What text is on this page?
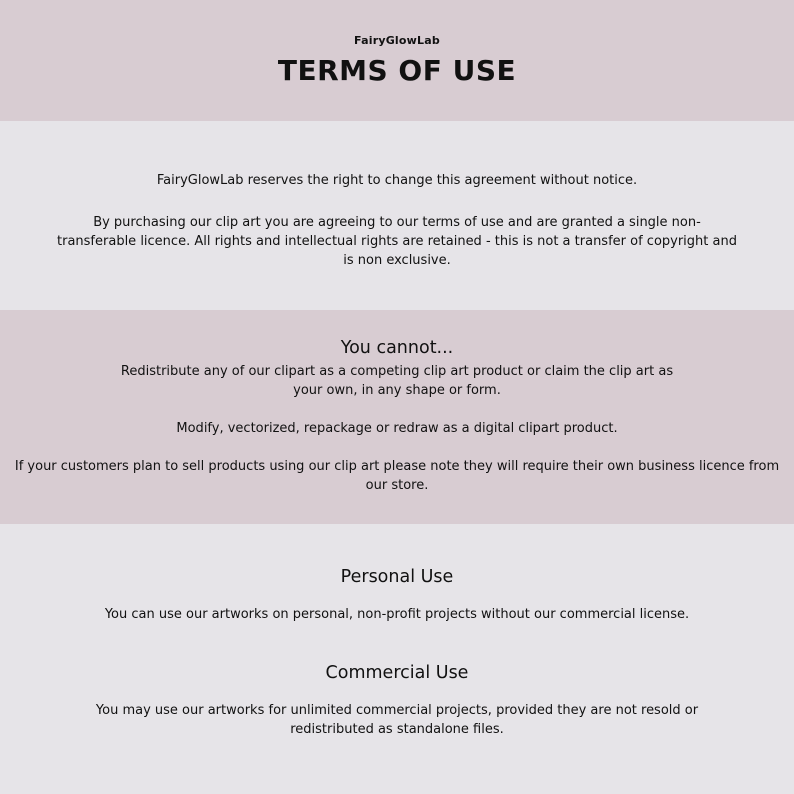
FairyGlowLab
TERMS OF USE

FairyGlowLab reserves the right to change this agreement without notice.

By purchasing our clip art you are agreeing to our terms of use and are granted a single non-transferable licence. All rights and intellectual rights are retained - this is not a transfer of copyright and is non exclusive.

You cannot...

Redistribute any of our clipart as a competing clip art product or claim the clip art as your own, in any shape or form.

Modify, vectorized, repackage or redraw as a digital clipart product.

If your customers plan to sell products using our clip art please note they will require their own business licence from our store.

Personal Use

You can use our artworks on personal, non-profit projects without our commercial license.

Commercial Use

You may use our artworks for unlimited commercial projects, provided they are not resold or redistributed as standalone files.
